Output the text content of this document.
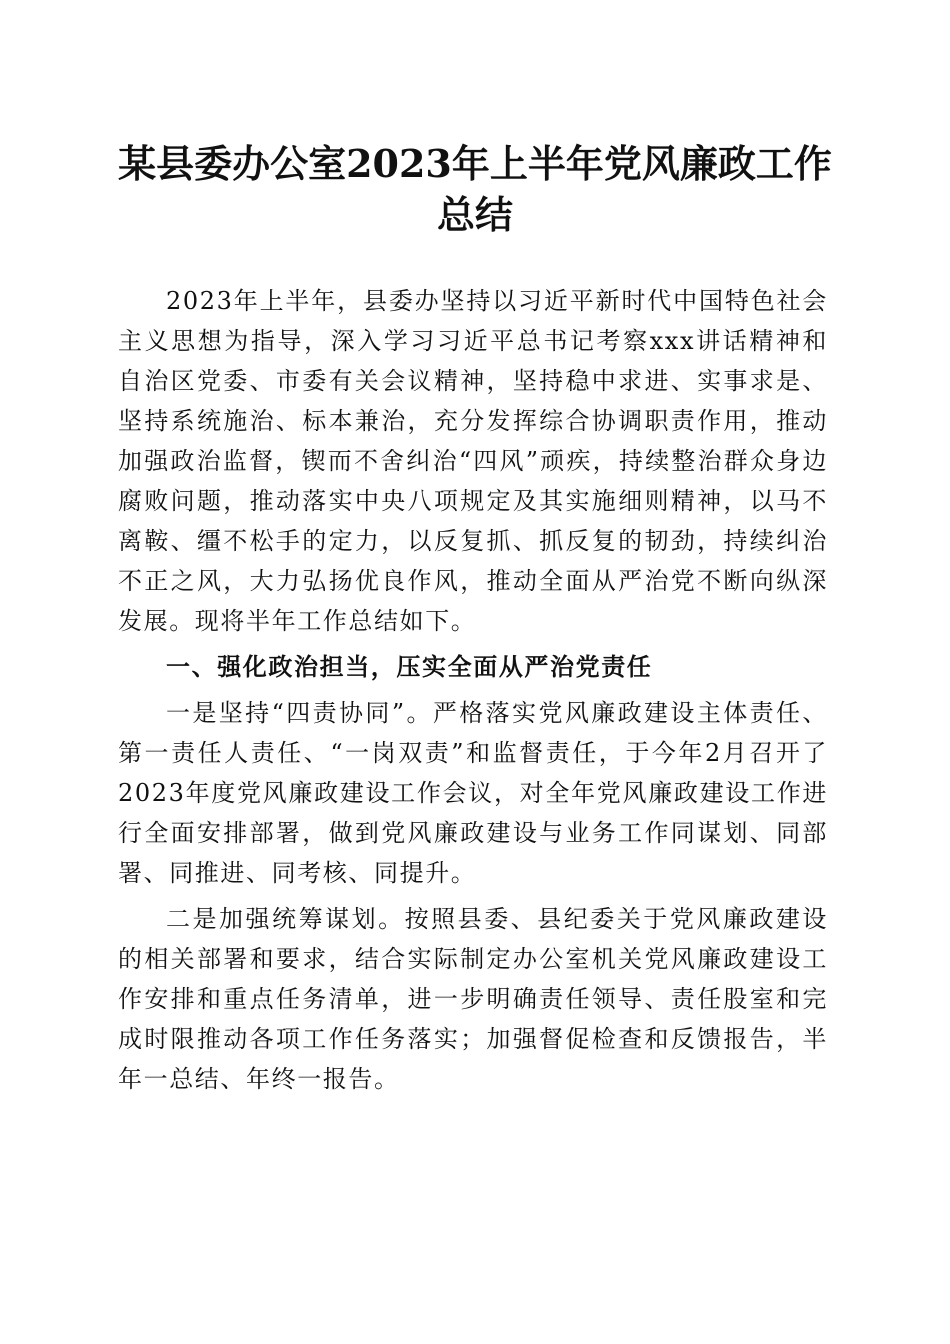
某县委办公室2023年上半年党风廉政工作总结

2023年上半年，县委办坚持以习近平新时代中国特色社会主义思想为指导，深入学习习近平总书记考察xxx讲话精神和自治区党委、市委有关会议精神，坚持稳中求进、实事求是、坚持系统施治、标本兼治，充分发挥综合协调职责作用，推动加强政治监督，锲而不舍纠治“四风”顽疾，持续整治群众身边腐败问题，推动落实中央八项规定及其实施细则精神，以马不离鞍、缰不松手的定力，以反复抓、抓反复的韧劲，持续纠治不正之风，大力弘扬优良作风，推动全面从严治党不断向纵深发展。现将半年工作总结如下。

一、强化政治担当，压实全面从严治党责任

一是坚持“四责协同”。严格落实党风廉政建设主体责任、第一责任人责任、“一岗双责”和监督责任，于今年2月召开了2023年度党风廉政建设工作会议，对全年党风廉政建设工作进行全面安排部署，做到党风廉政建设与业务工作同谋划、同部署、同推进、同考核、同提升。

二是加强统筹谋划。按照县委、县纪委关于党风廉政建设的相关部署和要求，结合实际制定办公室机关党风廉政建设工作安排和重点任务清单，进一步明确责任领导、责任股室和完成时限推动各项工作任务落实；加强督促检查和反馈报告，半年一总结、年终一报告。
